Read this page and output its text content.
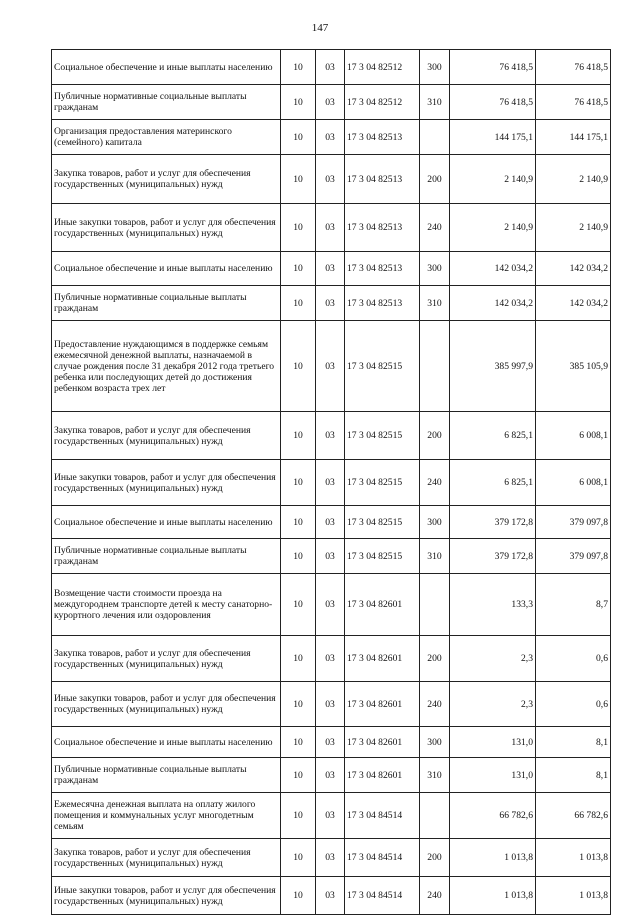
147
Социальное обеспечение и иные выплаты населению	10	03	17 3 04 82512	300	76 418,5	76 418,5
Публичные нормативные социальные выплаты гражданам	10	03	17 3 04 82512	310	76 418,5	76 418,5
Организация предоставления материнского (семейного) капитала	10	03	17 3 04 82513		144 175,1	144 175,1
Закупка товаров, работ и услуг для обеспечения государственных (муниципальных) нужд	10	03	17 3 04 82513	200	2 140,9	2 140,9
Иные закупки товаров, работ и услуг для обеспечения государственных (муниципальных) нужд	10	03	17 3 04 82513	240	2 140,9	2 140,9
Социальное обеспечение и иные выплаты населению	10	03	17 3 04 82513	300	142 034,2	142 034,2
Публичные нормативные социальные выплаты гражданам	10	03	17 3 04 82513	310	142 034,2	142 034,2
Предоставление нуждающимся в поддержке семьям ежемесячной денежной выплаты, назначаемой в случае рождения после 31 декабря 2012 года третьего ребенка или последующих детей до достижения ребенком возраста трех лет	10	03	17 3 04 82515		385 997,9	385 105,9
Закупка товаров, работ и услуг для обеспечения государственных (муниципальных) нужд	10	03	17 3 04 82515	200	6 825,1	6 008,1
Иные закупки товаров, работ и услуг для обеспечения государственных (муниципальных) нужд	10	03	17 3 04 82515	240	6 825,1	6 008,1
Социальное обеспечение и иные выплаты населению	10	03	17 3 04 82515	300	379 172,8	379 097,8
Публичные нормативные социальные выплаты гражданам	10	03	17 3 04 82515	310	379 172,8	379 097,8
Возмещение части стоимости проезда на междугороднем транспорте детей к месту санаторно-курортного лечения или оздоровления	10	03	17 3 04 82601		133,3	8,7
Закупка товаров, работ и услуг для обеспечения государственных (муниципальных) нужд	10	03	17 3 04 82601	200	2,3	0,6
Иные закупки товаров, работ и услуг для обеспечения государственных (муниципальных) нужд	10	03	17 3 04 82601	240	2,3	0,6
Социальное обеспечение и иные выплаты населению	10	03	17 3 04 82601	300	131,0	8,1
Публичные нормативные социальные выплаты гражданам	10	03	17 3 04 82601	310	131,0	8,1
Ежемесячна денежная выплата на оплату жилого помещения и коммунальных услуг многодетным семьям	10	03	17 3 04 84514		66 782,6	66 782,6
Закупка товаров, работ и услуг для обеспечения государственных (муниципальных) нужд	10	03	17 3 04 84514	200	1 013,8	1 013,8
Иные закупки товаров, работ и услуг для обеспечения государственных (муниципальных) нужд	10	03	17 3 04 84514	240	1 013,8	1 013,8
